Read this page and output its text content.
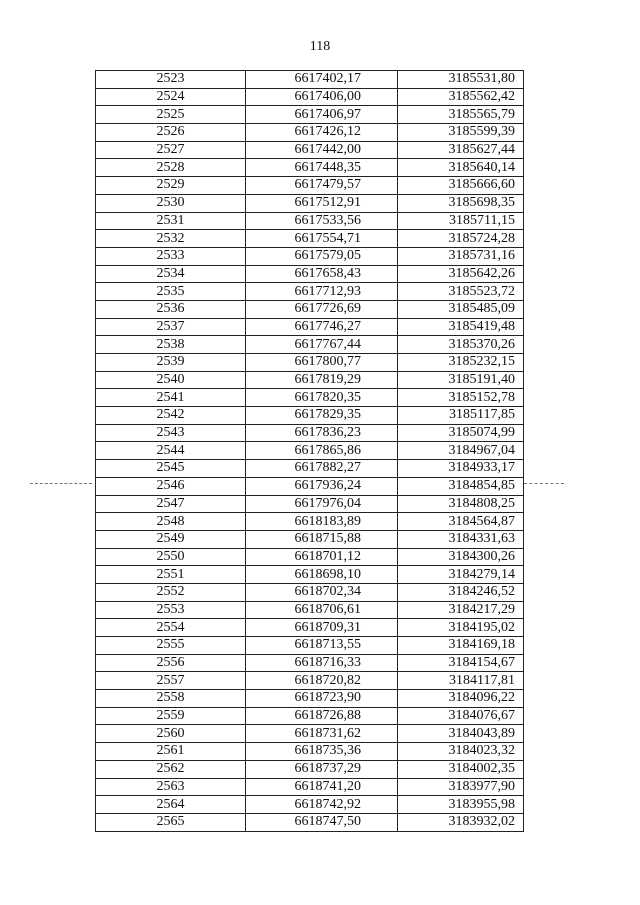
118
2523	6617402,17	3185531,80
2524	6617406,00	3185562,42
2525	6617406,97	3185565,79
2526	6617426,12	3185599,39
2527	6617442,00	3185627,44
2528	6617448,35	3185640,14
2529	6617479,57	3185666,60
2530	6617512,91	3185698,35
2531	6617533,56	3185711,15
2532	6617554,71	3185724,28
2533	6617579,05	3185731,16
2534	6617658,43	3185642,26
2535	6617712,93	3185523,72
2536	6617726,69	3185485,09
2537	6617746,27	3185419,48
2538	6617767,44	3185370,26
2539	6617800,77	3185232,15
2540	6617819,29	3185191,40
2541	6617820,35	3185152,78
2542	6617829,35	3185117,85
2543	6617836,23	3185074,99
2544	6617865,86	3184967,04
2545	6617882,27	3184933,17
2546	6617936,24	3184854,85
2547	6617976,04	3184808,25
2548	6618183,89	3184564,87
2549	6618715,88	3184331,63
2550	6618701,12	3184300,26
2551	6618698,10	3184279,14
2552	6618702,34	3184246,52
2553	6618706,61	3184217,29
2554	6618709,31	3184195,02
2555	6618713,55	3184169,18
2556	6618716,33	3184154,67
2557	6618720,82	3184117,81
2558	6618723,90	3184096,22
2559	6618726,88	3184076,67
2560	6618731,62	3184043,89
2561	6618735,36	3184023,32
2562	6618737,29	3184002,35
2563	6618741,20	3183977,90
2564	6618742,92	3183955,98
2565	6618747,50	3183932,02
